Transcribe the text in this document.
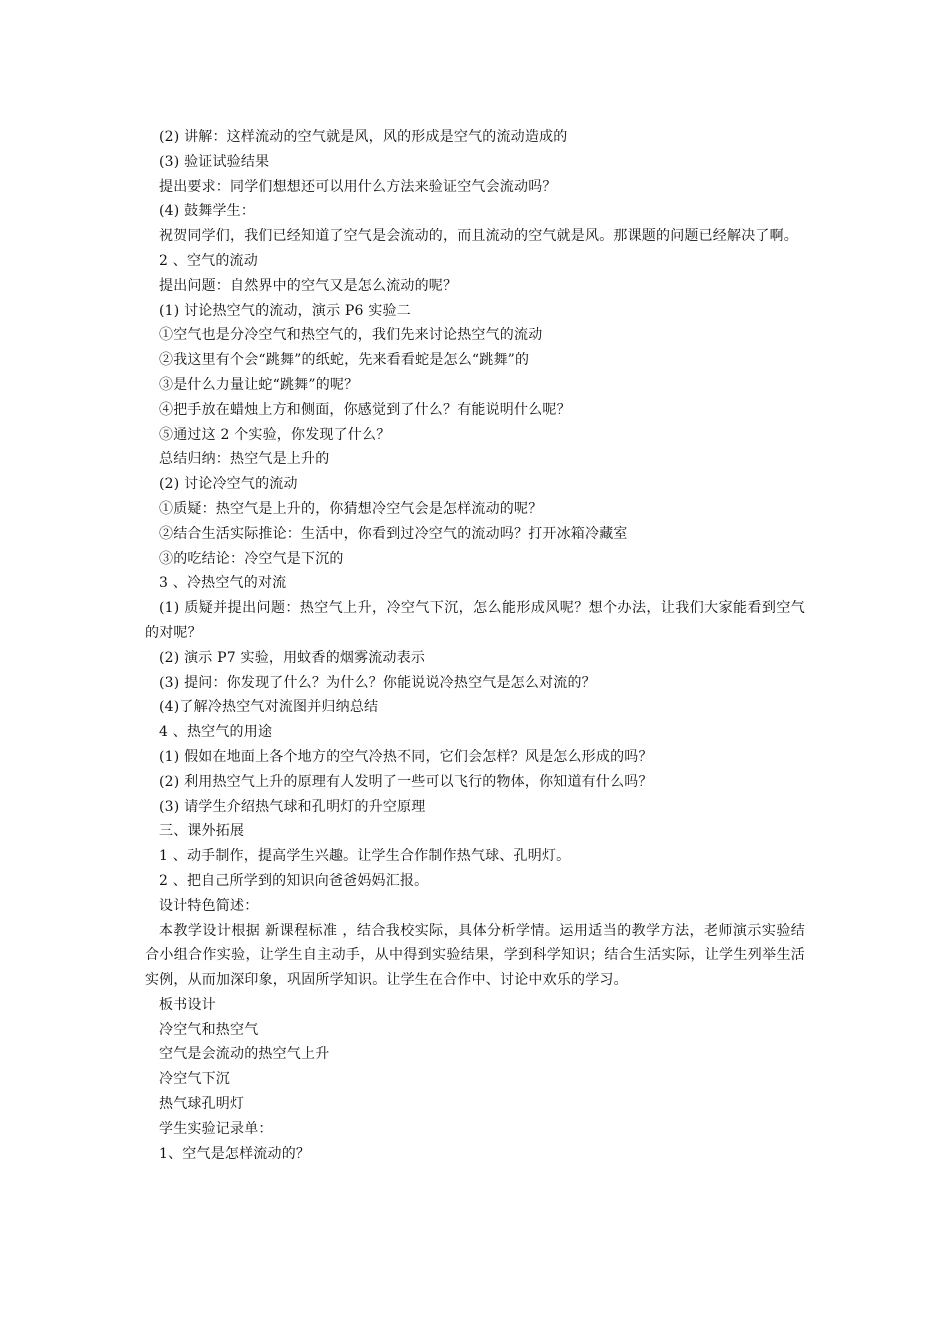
(2) 讲解：这样流动的空气就是风，风的形成是空气的流动造成的
(3) 验证试验结果
提出要求：同学们想想还可以用什么方法来验证空气会流动吗？
(4) 鼓舞学生：
祝贺同学们，我们已经知道了空气是会流动的，而且流动的空气就是风。那课题的问题已经解决了啊。
2 、空气的流动
提出问题：自然界中的空气又是怎么流动的呢？
(1) 讨论热空气的流动，演示 P6 实验二
①空气也是分冷空气和热空气的，我们先来讨论热空气的流动
②我这里有个会“跳舞”的纸蛇，先来看看蛇是怎么“跳舞”的
③是什么力量让蛇“跳舞”的呢？
④把手放在蜡烛上方和侧面，你感觉到了什么？有能说明什么呢？
⑤通过这 2 个实验，你发现了什么？
总结归纳：热空气是上升的
(2) 讨论冷空气的流动
①质疑：热空气是上升的，你猜想冷空气会是怎样流动的呢？
②结合生活实际推论：生活中，你看到过冷空气的流动吗？打开冰箱冷藏室
③的吃结论：冷空气是下沉的
3 、冷热空气的对流
(1) 质疑并提出问题：热空气上升，冷空气下沉，怎么能形成风呢？想个办法，让我们大家能看到空气的对呢？
(2) 演示 P7 实验，用蚊香的烟雾流动表示
(3) 提问：你发现了什么？为什么？你能说说冷热空气是怎么对流的？
(4)了解冷热空气对流图并归纳总结
4 、热空气的用途
(1) 假如在地面上各个地方的空气冷热不同，它们会怎样？风是怎么形成的吗？
(2) 利用热空气上升的原理有人发明了一些可以飞行的物体，你知道有什么吗？
(3) 请学生介绍热气球和孔明灯的升空原理
三、课外拓展
1 、动手制作，提高学生兴趣。让学生合作制作热气球、孔明灯。
2 、把自己所学到的知识向爸爸妈妈汇报。
设计特色简述：
本教学设计根据 新课程标准 ，结合我校实际，具体分析学情。运用适当的教学方法，老师演示实验结合小组合作实验，让学生自主动手，从中得到实验结果，学到科学知识；结合生活实际，让学生列举生活实例，从而加深印象，巩固所学知识。让学生在合作中、讨论中欢乐的学习。
板书设计
冷空气和热空气
空气是会流动的热空气上升
冷空气下沉
热气球孔明灯
学生实验记录单：
1、空气是怎样流动的？
